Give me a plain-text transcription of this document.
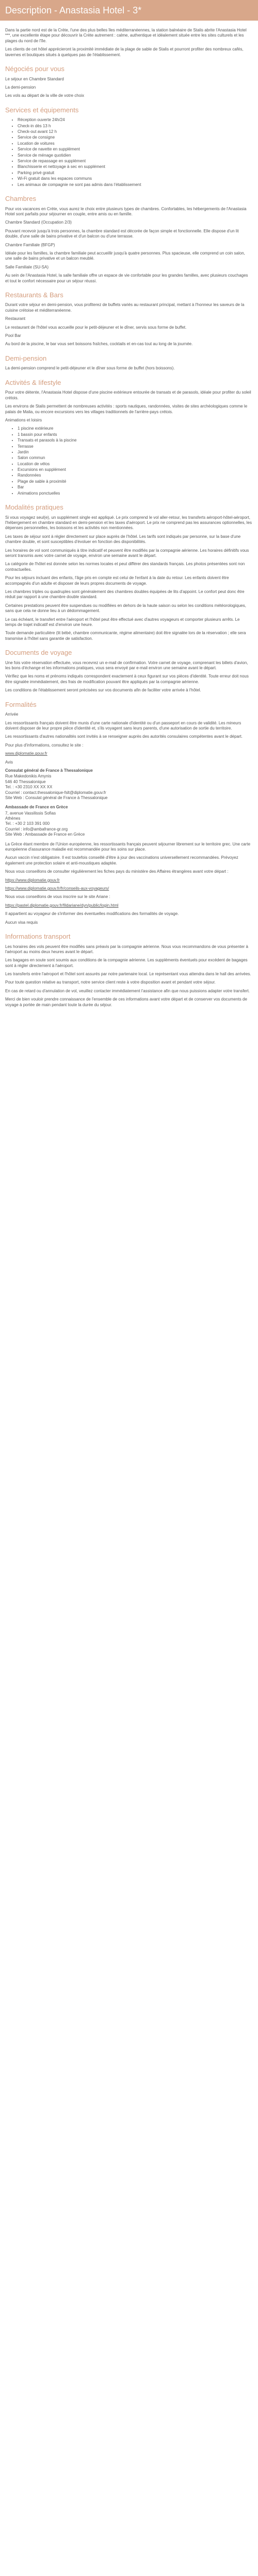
Description - Anastasia Hotel - 3*

Dans la partie nord est de la Crète, l'une des plus belles îles méditerranéennes, la station balnéaire de Stalis abrite l'Anastasia Hotel ***, une excellente étape pour découvrir la Crète autrement : calme, authentique et idéalement située entre les sites culturels et les plages du nord de l'île.

Les clients de cet hôtel apprécieront la proximité immédiate de la plage de sable de Stalis et pourront profiter des nombreux cafés, tavernes et boutiques situés à quelques pas de l'établissement.

Négociés pour vous

Le séjour en Chambre Standard

La demi-pension

Les vols au départ de la ville de votre choix

Services et équipements
• Réception ouverte 24h/24
• Check-in dès 13 h
• Check-out avant 12 h
• Service de consigne
• Location de voitures
• Service de navette en supplément
• Service de ménage quotidien
• Service de repassage en supplément
• Blanchisserie et nettoyage à sec en supplément
• Parking privé gratuit
• Wi-Fi gratuit dans les espaces communs
• Les animaux de compagnie ne sont pas admis dans l'établissement
Chambres

Pour vos vacances en Crète, vous aurez le choix entre plusieurs types de chambres. Confortables, les hébergements de l'Anastasia Hotel sont parfaits pour séjourner en couple, entre amis ou en famille.

Chambre Standard (Occupation 2/3)

Pouvant recevoir jusqu'à trois personnes, la chambre standard est décorée de façon simple et fonctionnelle. Elle dispose d'un lit double, d'une salle de bains privative et d'un balcon ou d'une terrasse.

Chambre Familiale (BFGP)

Idéale pour les familles, la chambre familiale peut accueillir jusqu'à quatre personnes. Plus spacieuse, elle comprend un coin salon, une salle de bains privative et un balcon meublé.

Salle Familiale (SU-SA)

Au sein de l'Anastasia Hotel, la salle familiale offre un espace de vie confortable pour les grandes familles, avec plusieurs couchages et tout le confort nécessaire pour un séjour réussi.

Restaurants & Bars

Durant votre séjour en demi-pension, vous profiterez de buffets variés au restaurant principal, mettant à l'honneur les saveurs de la cuisine crétoise et méditerranéenne.

Restaurant

Le restaurant de l'hôtel vous accueille pour le petit-déjeuner et le dîner, servis sous forme de buffet.

Pool Bar

Au bord de la piscine, le bar vous sert boissons fraîches, cocktails et en-cas tout au long de la journée.

Demi-pension

La demi-pension comprend le petit-déjeuner et le dîner sous forme de buffet (hors boissons).

Activités & Iifestyle

Pour votre détente, l'Anastasia Hotel dispose d'une piscine extérieure entourée de transats et de parasols, idéale pour profiter du soleil crétois.

Les environs de Stalis permettent de nombreuses activités : sports nautiques, randonnées, visites de sites archéologiques comme le palais de Malia, ou encore excursions vers les villages traditionnels de l'arrière-pays crétois.

Animations et loisirs

• 1 piscine extérieure
• 1 bassin pour enfants
• Transats et parasols à la piscine
• Terrasse
• Jardin
• Salon commun
• Location de vélos
• Excursions en supplément
• Randonnées
• Plage de sable à proximité
• Bar
• Animations ponctuelles
Modalités pratiques

Si vous voyagez seul(e), un supplément single est appliqué. Le prix comprend le vol aller-retour, les transferts aéroport-hôtel-aéroport, l'hébergement en chambre standard en demi-pension et les taxes d'aéroport. Le prix ne comprend pas les assurances optionnelles, les dépenses personnelles, les boissons et les activités non mentionnées.

Les taxes de séjour sont à régler directement sur place auprès de l'hôtel. Les tarifs sont indiqués par personne, sur la base d'une chambre double, et sont susceptibles d'évoluer en fonction des disponibilités.

Les horaires de vol sont communiqués à titre indicatif et peuvent être modifiés par la compagnie aérienne. Les horaires définitifs vous seront transmis avec votre carnet de voyage, environ une semaine avant le départ.

La catégorie de l'hôtel est donnée selon les normes locales et peut différer des standards français. Les photos présentées sont non contractuelles.

Pour les séjours incluant des enfants, l'âge pris en compte est celui de l'enfant à la date du retour. Les enfants doivent être accompagnés d'un adulte et disposer de leurs propres documents de voyage.

Les chambres triples ou quadruples sont généralement des chambres doubles équipées de lits d'appoint. Le confort peut donc être réduit par rapport à une chambre double standard.

Certaines prestations peuvent être suspendues ou modifiées en dehors de la haute saison ou selon les conditions météorologiques, sans que cela ne donne lieu à un dédommagement.

Le cas échéant, le transfert entre l'aéroport et l'hôtel peut être effectué avec d'autres voyageurs et comporter plusieurs arrêts. Le temps de trajet indicatif est d'environ une heure.

Toute demande particulière (lit bébé, chambre communicante, régime alimentaire) doit être signalée lors de la réservation ; elle sera transmise à l'hôtel sans garantie de satisfaction.

Documents de voyage

Une fois votre réservation effectuée, vous recevrez un e-mail de confirmation. Votre carnet de voyage, comprenant les billets d'avion, les bons d'échange et les informations pratiques, vous sera envoyé par e-mail environ une semaine avant le départ.

Vérifiez que les noms et prénoms indiqués correspondent exactement à ceux figurant sur vos pièces d'identité. Toute erreur doit nous être signalée immédiatement, des frais de modification pouvant être appliqués par la compagnie aérienne.

Les conditions de l'établissement seront précisées sur vos documents afin de faciliter votre arrivée à l'hôtel.

Formalités

Arrivée

Les ressortissants français doivent être munis d'une carte nationale d'identité ou d'un passeport en cours de validité. Les mineurs doivent disposer de leur propre pièce d'identité et, s'ils voyagent sans leurs parents, d'une autorisation de sortie du territoire.

Les ressortissants d'autres nationalités sont invités à se renseigner auprès des autorités consulaires compétentes avant le départ.

Pour plus d'informations, consultez le site :

www.diplomatie.gouv.fr

Avis

Consulat général de France à Thessalonique

Rue Makedonikis Amynis
546 40 Thessalonique
Tel. : +30 2310 XX XX XX
Courriel : contact.thessalonique-fslt@diplomatie.gouv.fr
Site Web : Consulat général de France à Thessalonique

Ambassade de France en Grèce

7, avenue Vassilissis Sofias
Athènes
Tel. : +30 2 103 391 000
Courriel : info@ambafrance-gr.org
Site Web : Ambassade de France en Grèce

La Grèce étant membre de l'Union européenne, les ressortissants français peuvent séjourner librement sur le territoire grec. Une carte européenne d'assurance maladie est recommandée pour les soins sur place.

Aucun vaccin n'est obligatoire. Il est toutefois conseillé d'être à jour des vaccinations universellement recommandées. Prévoyez également une protection solaire et anti-moustiques adaptée.

Nous vous conseillons de consulter régulièrement les fiches pays du ministère des Affaires étrangères avant votre départ :

https://www.diplomatie.gouv.fr

https://www.diplomatie.gouv.fr/fr/conseils-aux-voyageurs/

Nous vous conseillons de vous inscrire sur le site Ariane :

https://pastel.diplomatie.gouv.fr/fildariane/dyn/public/login.html

Il appartient au voyageur de s'informer des éventuelles modifications des formalités de voyage.

Aucun visa requis

Informations transport

Les horaires des vols peuvent être modifiés sans préavis par la compagnie aérienne. Nous vous recommandons de vous présenter à l'aéroport au moins deux heures avant le départ.

Les bagages en soute sont soumis aux conditions de la compagnie aérienne. Les suppléments éventuels pour excédent de bagages sont à régler directement à l'aéroport.

Les transferts entre l'aéroport et l'hôtel sont assurés par notre partenaire local. Le représentant vous attendra dans le hall des arrivées.

Pour toute question relative au transport, notre service client reste à votre disposition avant et pendant votre séjour.

En cas de retard ou d'annulation de vol, veuillez contacter immédiatement l'assistance afin que nous puissions adapter votre transfert.

Merci de bien vouloir prendre connaissance de l'ensemble de ces informations avant votre départ et de conserver vos documents de voyage à portée de main pendant toute la durée du séjour.
